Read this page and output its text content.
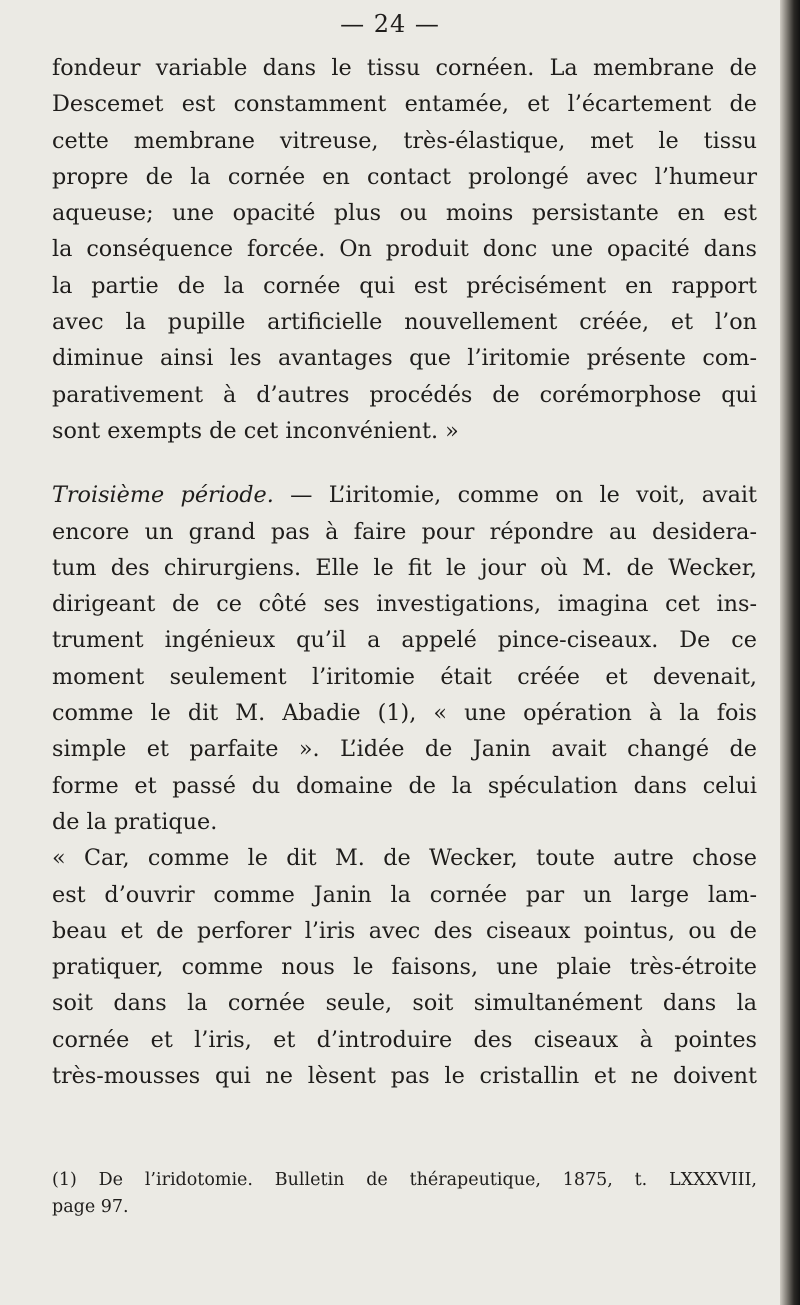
— 24 —
fondeur variable dans le tissu cornéen. La membrane de
Descemet est constamment entamée, et l’écartement de
cette membrane vitreuse, très-élastique, met le tissu
propre de la cornée en contact prolongé avec l’humeur
aqueuse; une opacité plus ou moins persistante en est
la conséquence forcée. On produit donc une opacité dans
la partie de la cornée qui est précisément en rapport
avec la pupille artificielle nouvellement créée, et l’on
diminue ainsi les avantages que l’iritomie présente com-
parativement à d’autres procédés de corémorphose qui
sont exempts de cet inconvénient. »
Troisième période. — L’iritomie, comme on le voit, avait
encore un grand pas à faire pour répondre au desidera-
tum des chirurgiens. Elle le fit le jour où M. de Wecker,
dirigeant de ce côté ses investigations, imagina cet ins-
trument ingénieux qu’il a appelé pince-ciseaux. De ce
moment seulement l’iritomie était créée et devenait,
comme le dit M. Abadie (1), « une opération à la fois
simple et parfaite ». L’idée de Janin avait changé de
forme et passé du domaine de la spéculation dans celui
de la pratique.
« Car, comme le dit M. de Wecker, toute autre chose
est d’ouvrir comme Janin la cornée par un large lam-
beau et de perforer l’iris avec des ciseaux pointus, ou de
pratiquer, comme nous le faisons, une plaie très-étroite
soit dans la cornée seule, soit simultanément dans la
cornée et l’iris, et d’introduire des ciseaux à pointes
très-mousses qui ne lèsent pas le cristallin et ne doivent
(1) De l’iridotomie. Bulletin de thérapeutique, 1875, t. LXXXVIII,
page 97.
